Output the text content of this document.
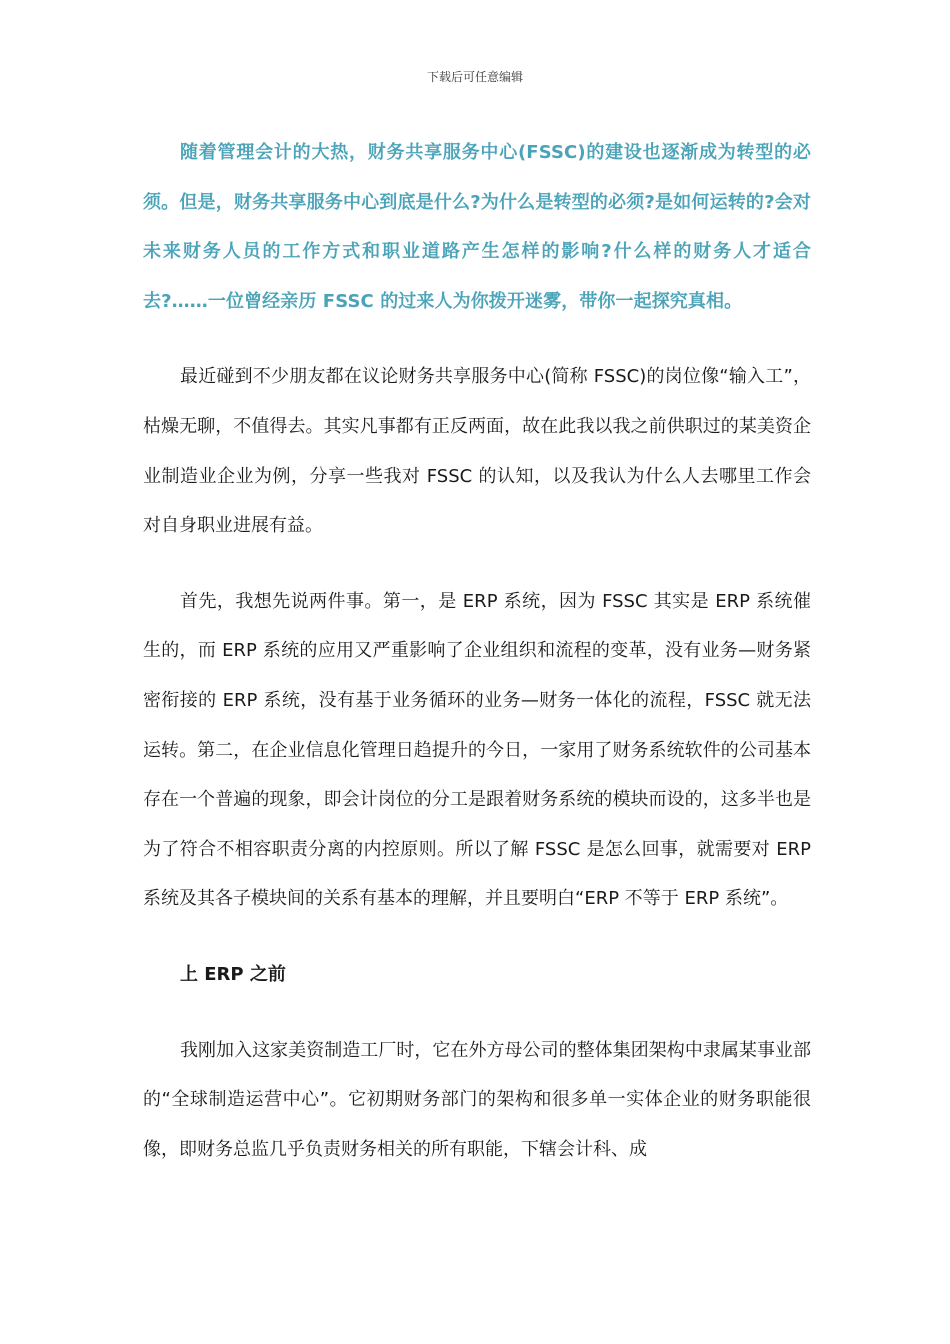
下载后可任意编辑

随着管理会计的大热，财务共享服务中心(FSSC)的建设也逐渐成为转型的必须。但是，财务共享服务中心到底是什么?为什么是转型的必须?是如何运转的?会对未来财务人员的工作方式和职业道路产生怎样的影响?什么样的财务人才适合去?……一位曾经亲历 FSSC 的过来人为你拨开迷雾，带你一起探究真相。

最近碰到不少朋友都在议论财务共享服务中心(简称 FSSC)的岗位像“输入工”，枯燥无聊，不值得去。其实凡事都有正反两面，故在此我以我之前供职过的某美资企业制造业企业为例，分享一些我对 FSSC 的认知，以及我认为什么人去哪里工作会对自身职业进展有益。

首先，我想先说两件事。第一，是 ERP 系统，因为 FSSC 其实是 ERP 系统催生的，而 ERP 系统的应用又严重影响了企业组织和流程的变革，没有业务—财务紧密衔接的 ERP 系统，没有基于业务循环的业务—财务一体化的流程，FSSC 就无法运转。第二，在企业信息化管理日趋提升的今日，一家用了财务系统软件的公司基本存在一个普遍的现象，即会计岗位的分工是跟着财务系统的模块而设的，这多半也是为了符合不相容职责分离的内控原则。所以了解 FSSC 是怎么回事，就需要对 ERP 系统及其各子模块间的关系有基本的理解，并且要明白“ERP 不等于 ERP 系统”。

上 ERP 之前

我刚加入这家美资制造工厂时，它在外方母公司的整体集团架构中隶属某事业部的“全球制造运营中心”。它初期财务部门的架构和很多单一实体企业的财务职能很像，即财务总监几乎负责财务相关的所有职能，下辖会计科、成
